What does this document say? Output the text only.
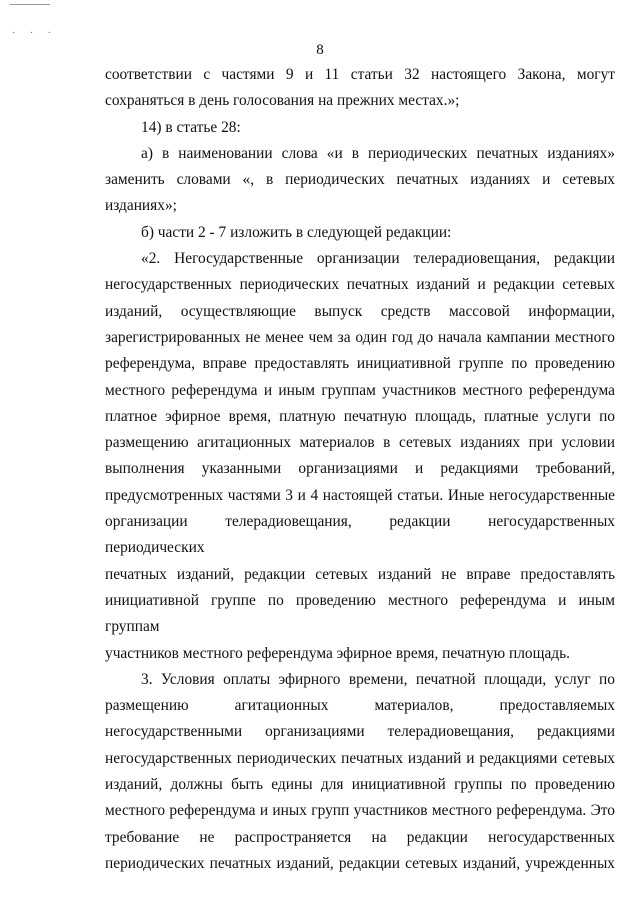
· · ·
8

соответствии с частями 9 и 11 статьи 32 настоящего Закона, могут

сохраняться в день голосования на прежних местах.»;

14) в статье 28:

а) в наименовании слова «и в периодических печатных изданиях»

заменить словами «, в периодических печатных изданиях и сетевых

изданиях»;

б) части 2 - 7 изложить в следующей редакции:

«2. Негосударственные организации телерадиовещания, редакции

негосударственных периодических печатных изданий и редакции сетевых

изданий, осуществляющие выпуск средств массовой информации,

зарегистрированных не менее чем за один год до начала кампании местного

референдума, вправе предоставлять инициативной группе по проведению

местного референдума и иным группам участников местного референдума

платное эфирное время, платную печатную площадь, платные услуги по

размещению агитационных материалов в сетевых изданиях при условии

выполнения указанными организациями и редакциями требований,

предусмотренных частями 3 и 4 настоящей статьи. Иные негосударственные

организации телерадиовещания, редакции негосударственных периодических

печатных изданий, редакции сетевых изданий не вправе предоставлять

инициативной группе по проведению местного референдума и иным группам

участников местного референдума эфирное время, печатную площадь.

3. Условия оплаты эфирного времени, печатной площади, услуг по

размещению агитационных материалов, предоставляемых

негосударственными организациями телерадиовещания, редакциями

негосударственных периодических печатных изданий и редакциями сетевых

изданий, должны быть едины для инициативной группы по проведению

местного референдума и иных групп участников местного референдума. Это

требование не распространяется на редакции негосударственных

периодических печатных изданий, редакции сетевых изданий, учрежденных
